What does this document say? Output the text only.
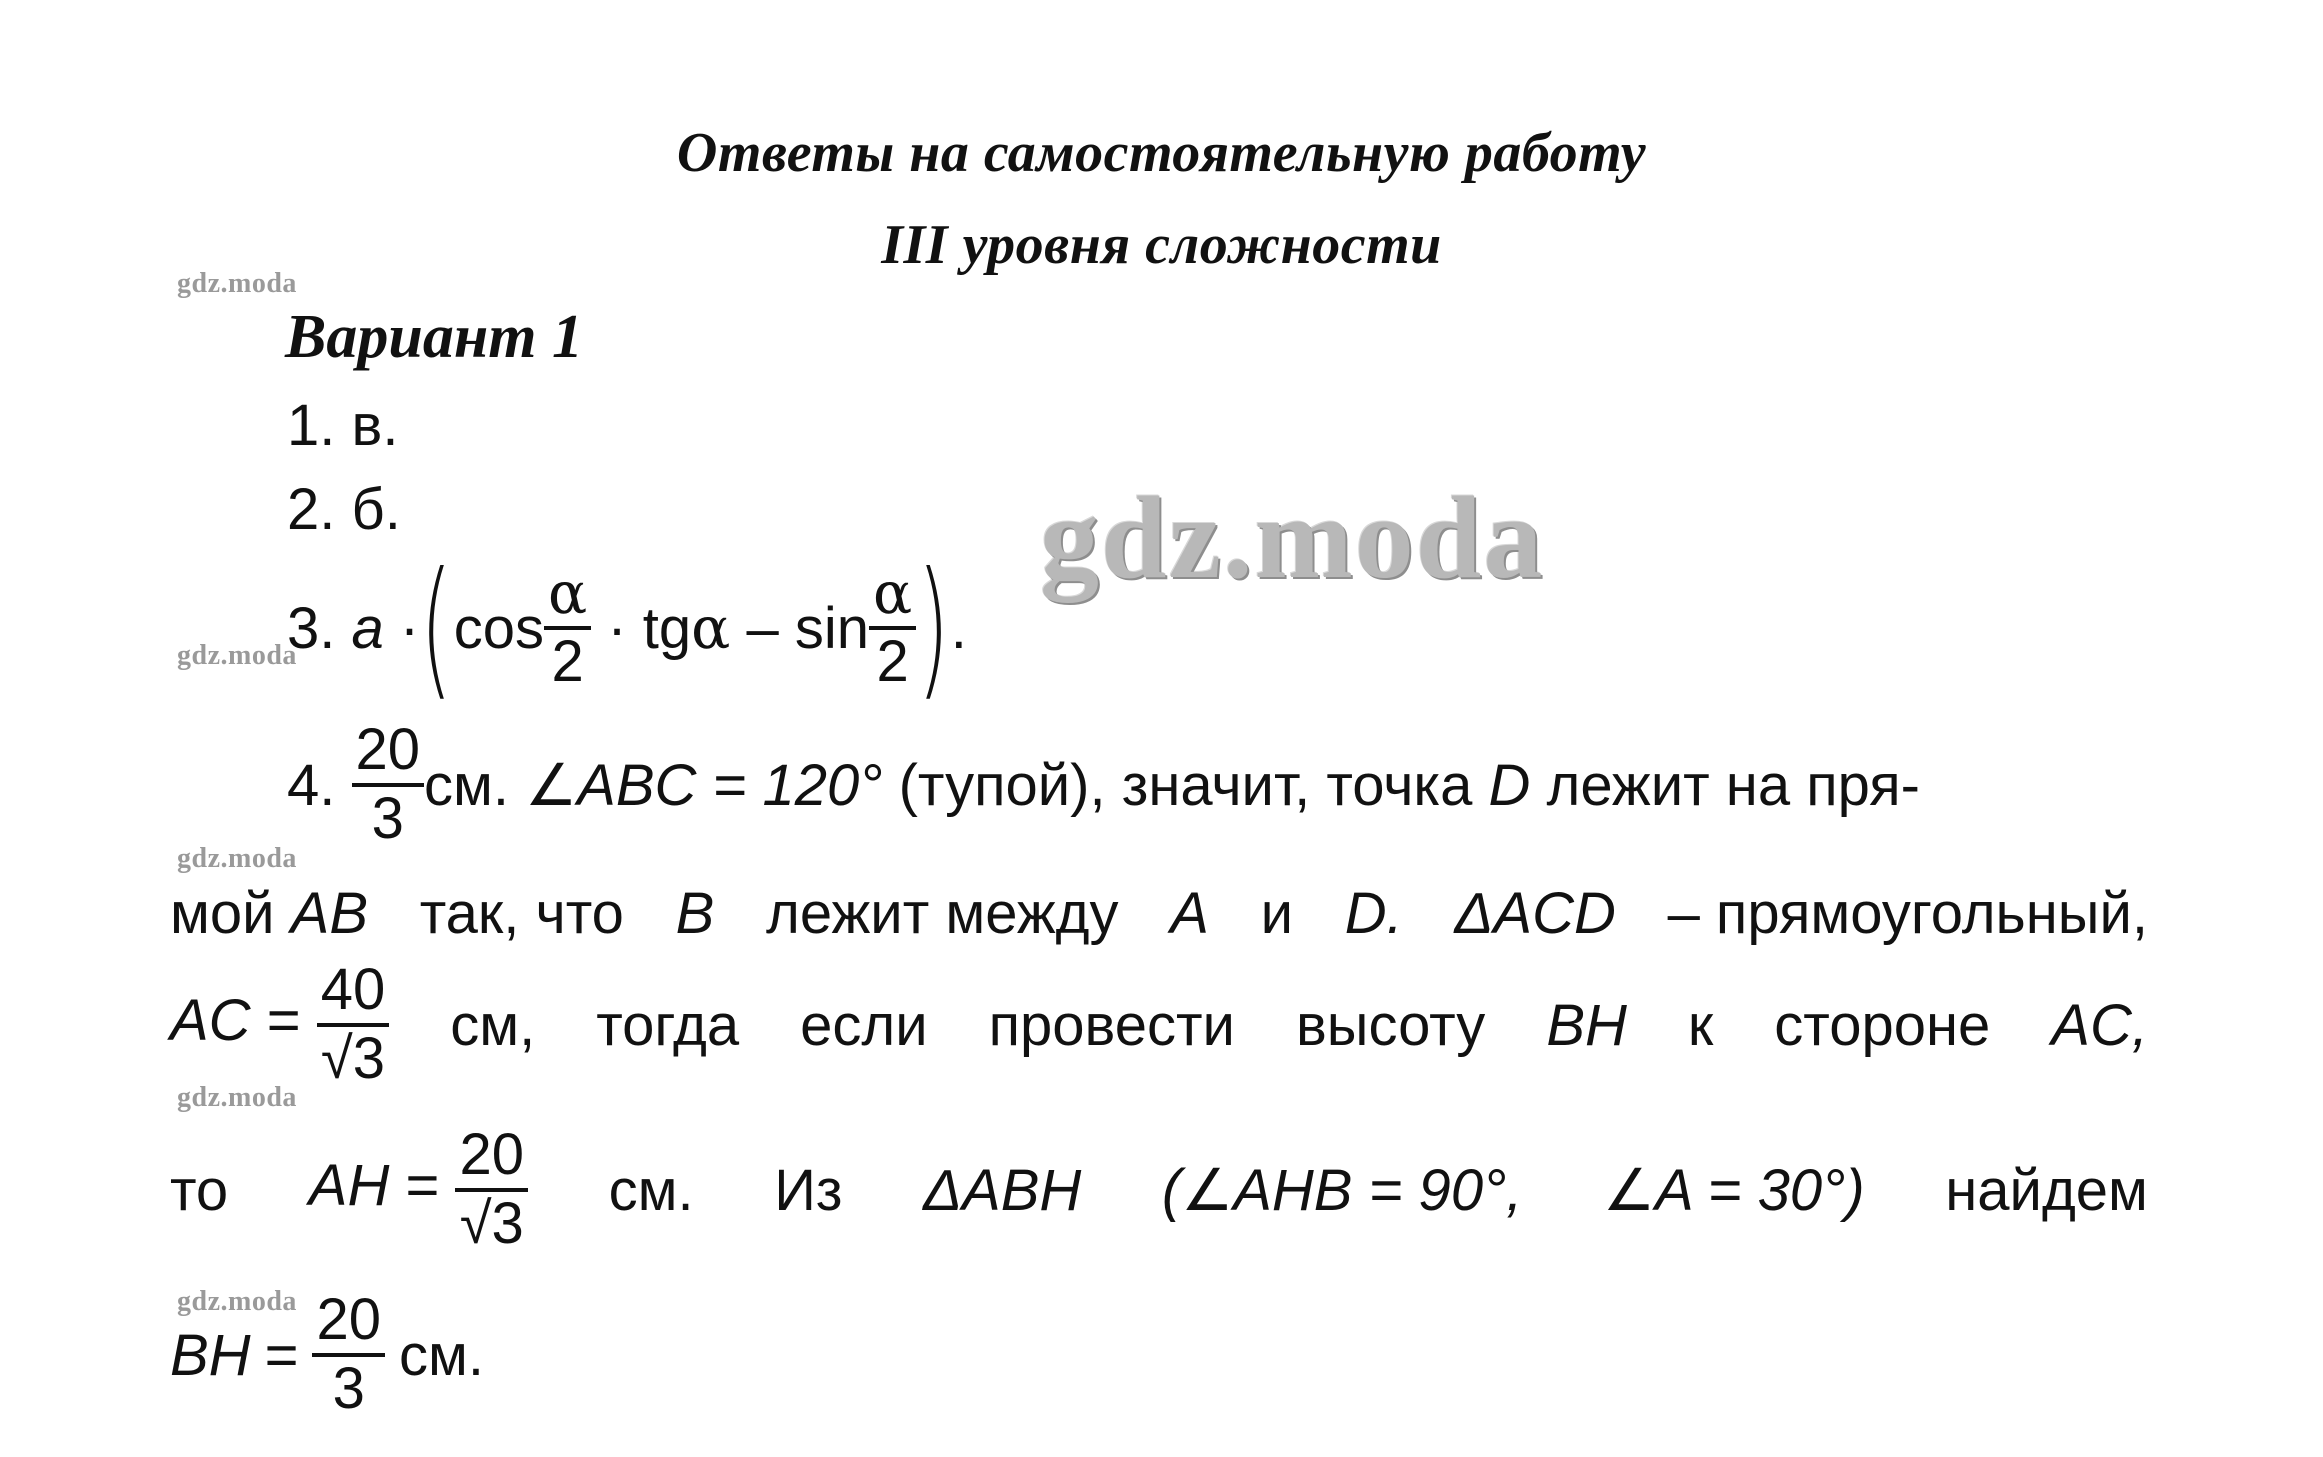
Ответы на самостоятельную работу
III уровня сложности
gdz.moda
gdz.moda
gdz.moda
gdz.moda
gdz.moda
Вариант 1
1. в.
2. б.
3.
a
· ( $\cos \frac{\alpha}{2}$
·
tg α
–
$\sin \frac{\alpha}{2}$ ) .
gdz.moda
4.
$\frac{20}{3}$ см.
∠ABC = 120°
(тупой), значит, точка
D
лежит на пря-
мой AB так, что B лежит между A и D. ΔACD – прямоугольный,
AC = $\frac{40}{√3}$ см, тогда если провести высоту BH к стороне AC,
то AH = $\frac{20}{√3}$ см. Из ΔABH (∠AHB = 90°, ∠A = 30°) найдем
BH = $\frac{20}{3}$ см.
